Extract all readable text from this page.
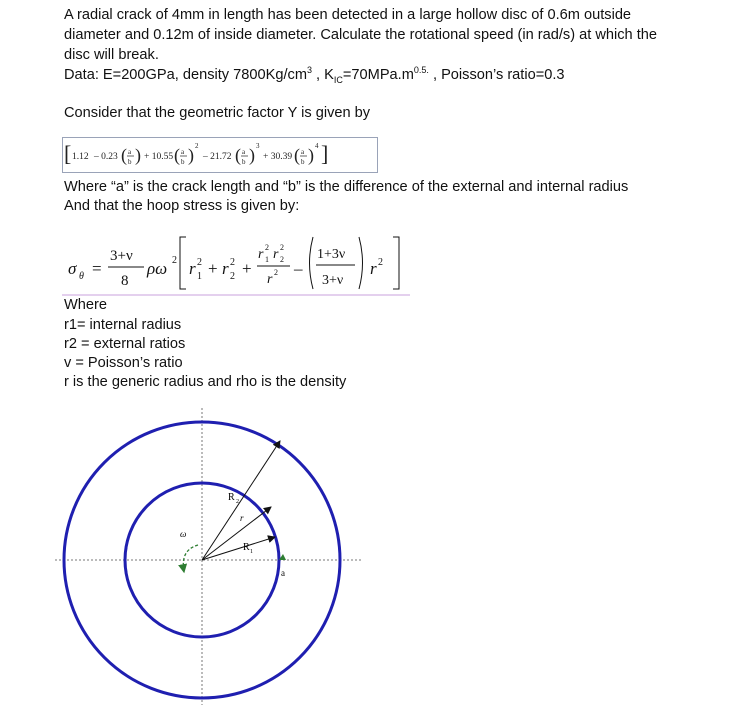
A radial crack of 4mm in length has been detected in a large hollow disc of 0.6m outside

diameter and 0.12m of inside diameter. Calculate the rotational speed (in rad/s) at which the

disc will break.

Data: E=200GPa, density $7800Kg/cm^3$ , $K_{IC}=70MPa.m^{0.5.}$ , Poisson’s ratio=0.3

Consider that the geometric factor Y is given by

[ 1.12 – 0.23 ( a
b ) + 10.55 ( a
b ) 2
– 21.72 ( a
b ) 3
+ 30.39 ( a
b ) 4 ]

Where “a” is the crack length and “b” is the difference of the external and internal radius

And that the hoop stress is given by:

σ θ =
3+ν
8
ρω 2 r 2
1 + r 2
2 +
r 2
1 r 2
2
r 2 –
1+3ν
3+ν
r 2

Where

r1= internal radius

r2 = external ratios

v = Poisson’s ratio

r is the generic radius and rho is the density

R 2
r
R 1
ω
a
